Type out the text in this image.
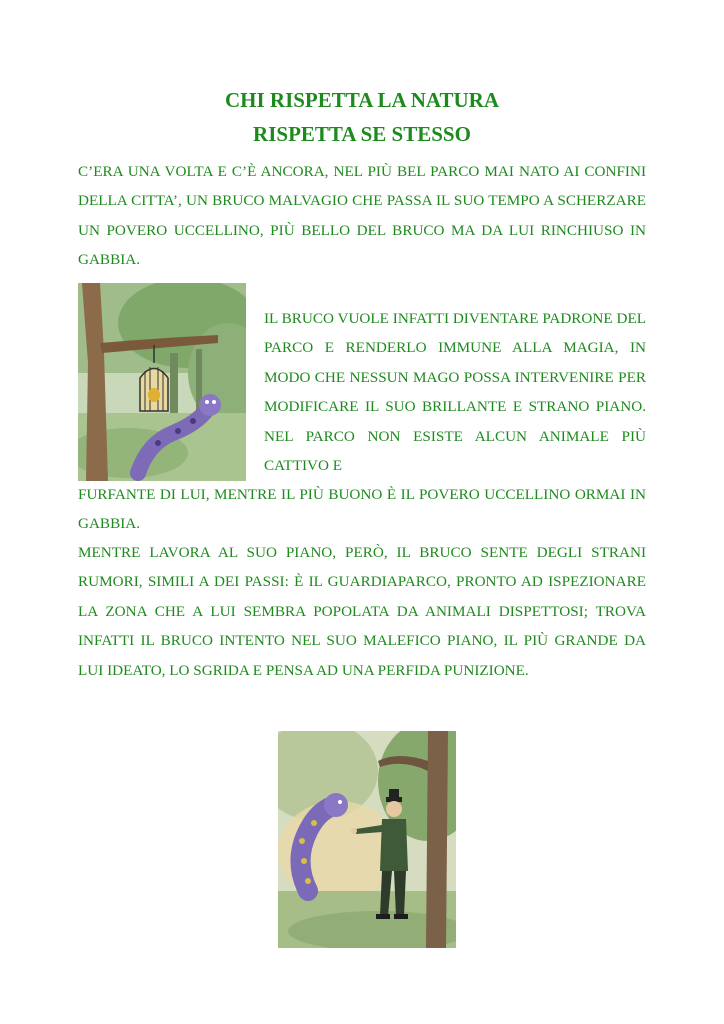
CHI RISPETTA LA NATURA
RISPETTA SE STESSO

C’ERA UNA VOLTA E C’È ANCORA, NEL PIÙ BEL PARCO MAI NATO AI CONFINI DELLA CITTA’, UN BRUCO MALVAGIO CHE PASSA IL SUO TEMPO A SCHERZARE UN POVERO UCCELLINO, PIÙ BELLO DEL BRUCO MA DA LUI RINCHIUSO IN GABBIA.

IL BRUCO VUOLE INFATTI DIVENTARE PADRONE DEL PARCO E RENDERLO IMMUNE ALLA MAGIA, IN MODO CHE NESSUN MAGO POSSA INTERVENIRE PER MODIFICARE IL SUO BRILLANTE E STRANO PIANO. NEL PARCO NON ESISTE ALCUN ANIMALE PIÙ CATTIVO E

FURFANTE DI LUI, MENTRE IL PIÙ BUONO È IL POVERO UCCELLINO ORMAI IN GABBIA.

MENTRE LAVORA AL SUO PIANO, PERÒ, IL BRUCO SENTE DEGLI STRANI RUMORI, SIMILI A DEI PASSI: È IL GUARDIAPARCO, PRONTO AD ISPEZIONARE LA ZONA CHE A LUI SEMBRA POPOLATA DA ANIMALI DISPETTOSI; TROVA INFATTI IL BRUCO INTENTO NEL SUO MALEFICO PIANO, IL PIÙ GRANDE DA LUI IDEATO, LO SGRIDA E PENSA AD UNA PERFIDA PUNIZIONE.
